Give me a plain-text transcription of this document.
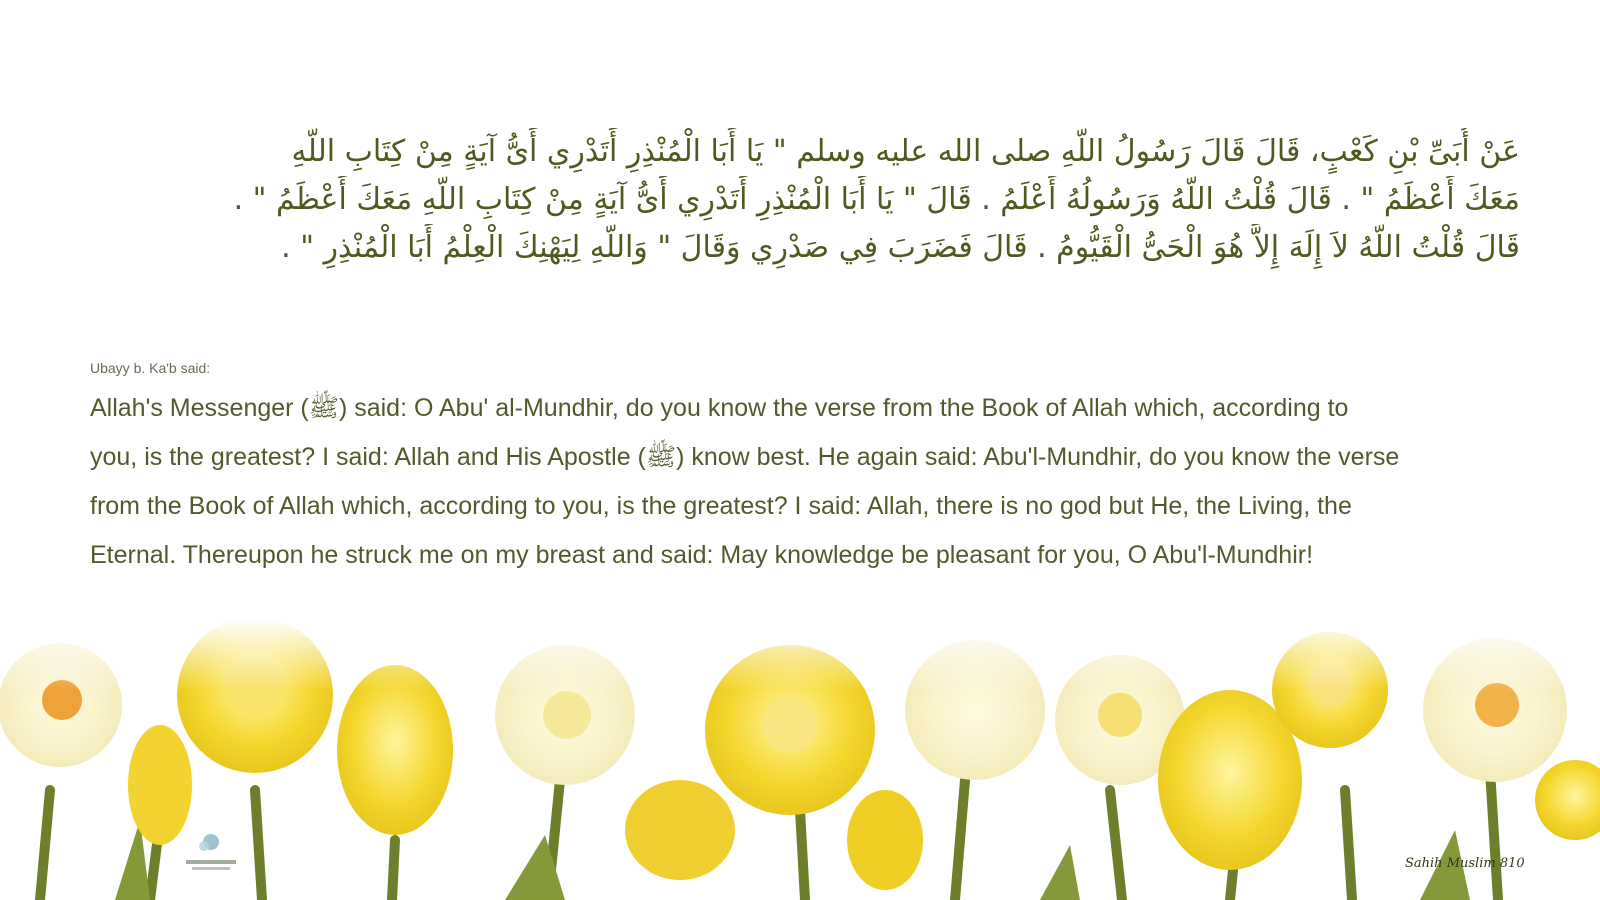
عَنْ أُبَىِّ بْنِ كَعْبٍ، قَالَ قَالَ رَسُولُ اللَّهِ صلى الله عليه وسلم " يَا أَبَا الْمُنْذِرِ أَتَدْرِي أَىُّ آيَةٍ مِنْ كِتَابِ اللَّهِ
مَعَكَ أَعْظَمُ " . قَالَ قُلْتُ اللَّهُ وَرَسُولُهُ أَعْلَمُ . قَالَ " يَا أَبَا الْمُنْذِرِ أَتَدْرِي أَىُّ آيَةٍ مِنْ كِتَابِ اللَّهِ مَعَكَ أَعْظَمُ " .
قَالَ قُلْتُ اللَّهُ لاَ إِلَهَ إِلاَّ هُوَ الْحَىُّ الْقَيُّومُ . قَالَ فَضَرَبَ فِي صَدْرِي وَقَالَ " وَاللَّهِ لِيَهْنِكَ الْعِلْمُ أَبَا الْمُنْذِرِ " .
Ubayy b. Ka'b said:
Allah's Messenger (ﷺ) said: O Abu' al-Mundhir, do you know the verse from the Book of Allah which, according to
you, is the greatest? I said: Allah and His Apostle (ﷺ) know best. He again said: Abu'l-Mundhir, do you know the verse
from the Book of Allah which, according to you, is the greatest? I said: Allah, there is no god but He, the Living, the
Eternal. Thereupon he struck me on my breast and said: May knowledge be pleasant for you, O Abu'l-Mundhir!
Sahih Muslim 810
